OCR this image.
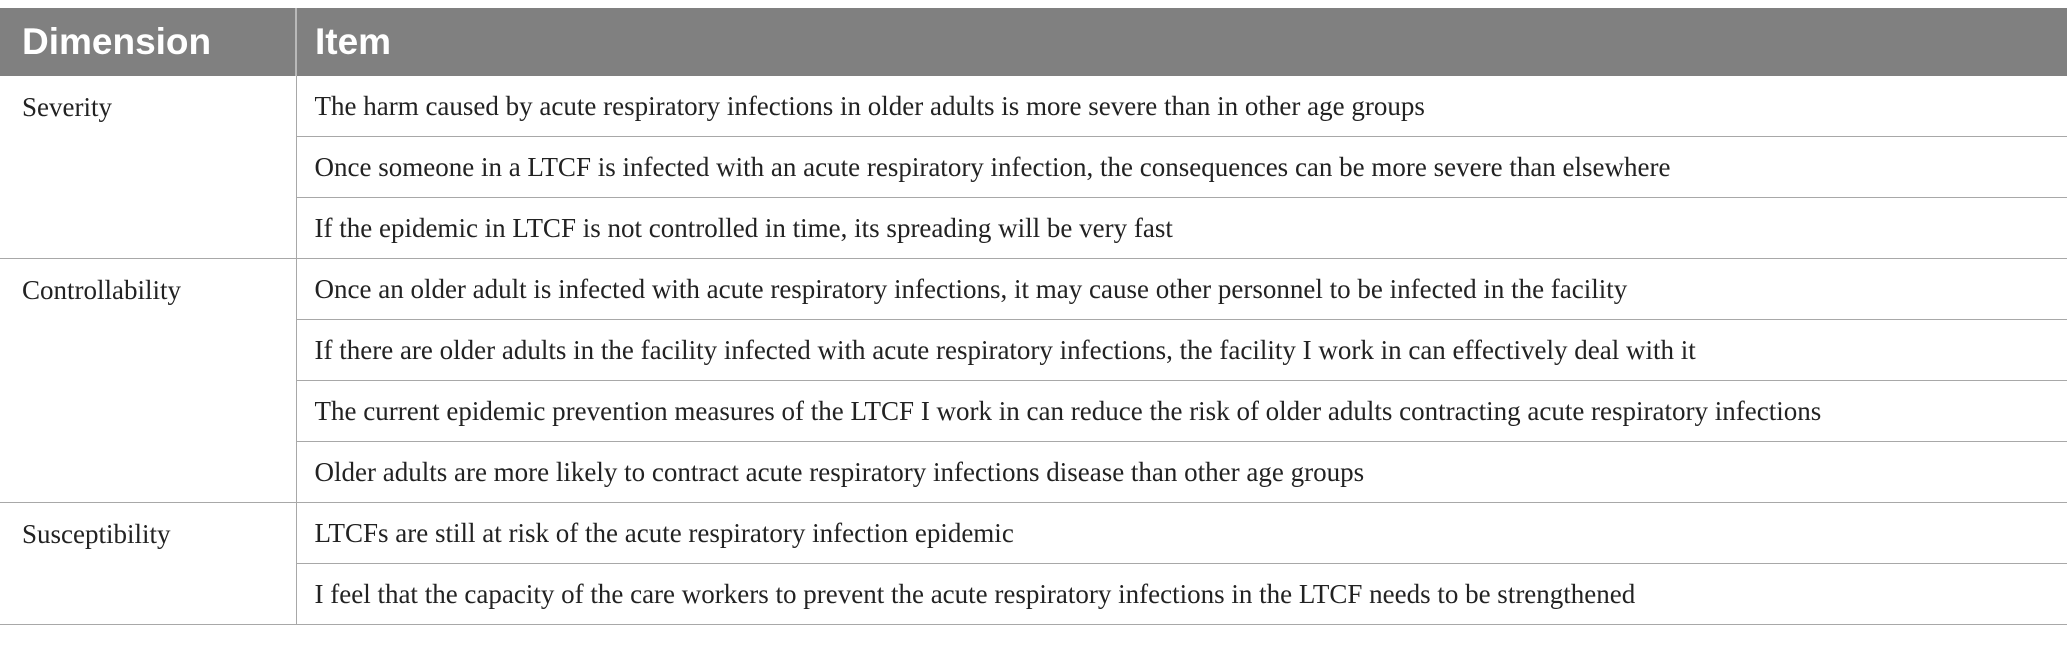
Dimension	Item
Severity	The harm caused by acute respiratory infections in older adults is more severe than in other age groups
	Once someone in a LTCF is infected with an acute respiratory infection, the consequences can be more severe than elsewhere
	If the epidemic in LTCF is not controlled in time, its spreading will be very fast
Controllability	Once an older adult is infected with acute respiratory infections, it may cause other personnel to be infected in the facility
	If there are older adults in the facility infected with acute respiratory infections, the facility I work in can effectively deal with it
	The current epidemic prevention measures of the LTCF I work in can reduce the risk of older adults contracting acute respiratory infections
	Older adults are more likely to contract acute respiratory infections disease than other age groups
Susceptibility	LTCFs are still at risk of the acute respiratory infection epidemic
	I feel that the capacity of the care workers to prevent the acute respiratory infections in the LTCF needs to be strengthened
